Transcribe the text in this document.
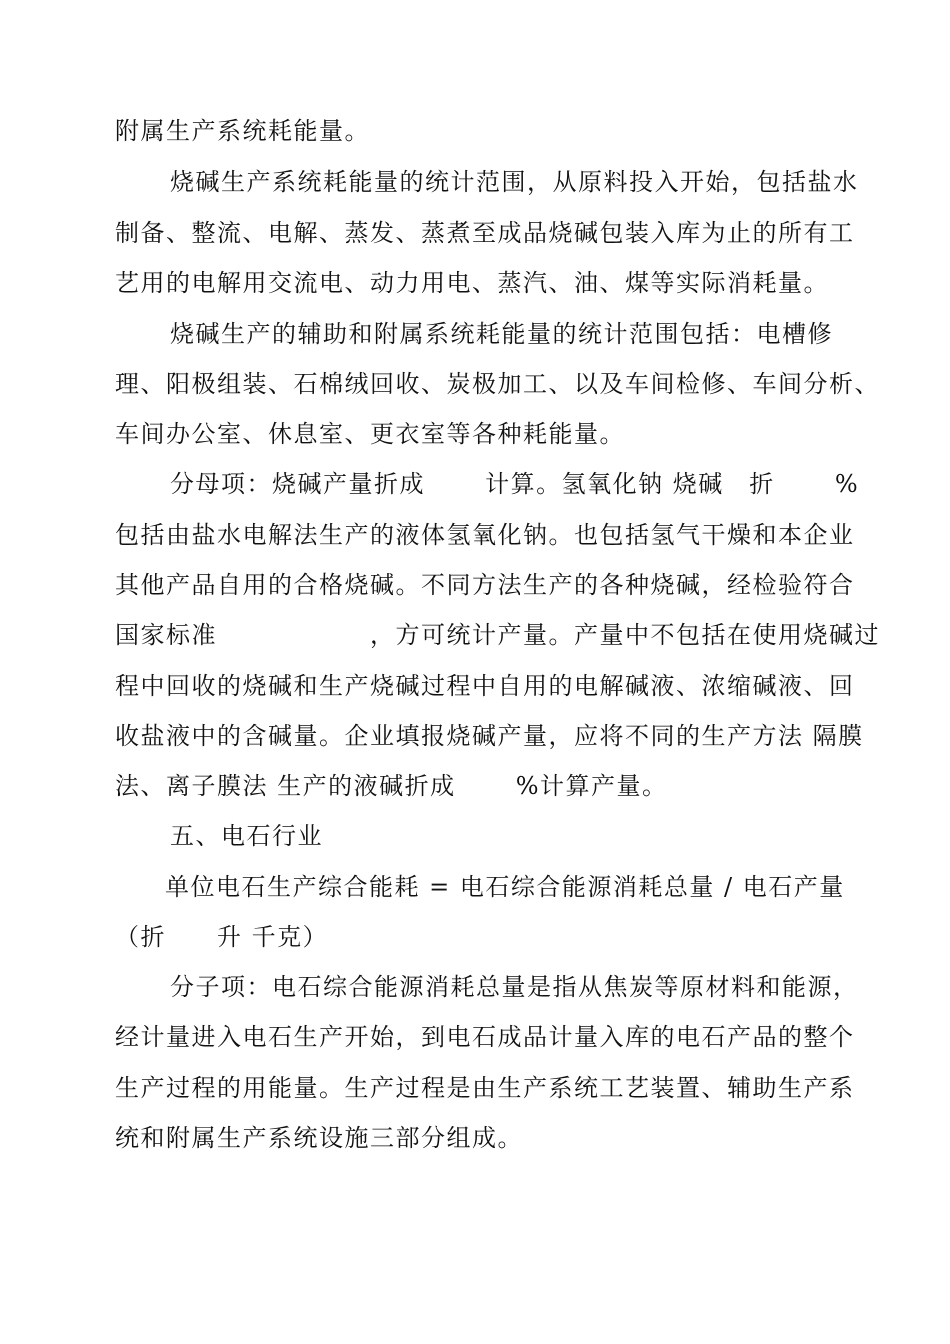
附属生产系统耗能量。
烧碱生产系统耗能量的统计范围，从原料投入开始，包括盐水
制备、整流、电解、蒸发、蒸煮至成品烧碱包装入库为止的所有工
艺用的电解用交流电、动力用电、蒸汽、油、煤等实际消耗量。
烧碱生产的辅助和附属系统耗能量的统计范围包括：电槽修
理、阳极组装、石棉绒回收、炭极加工、以及车间检修、车间分析、
车间办公室、休息室、更衣室等各种耗能量。
分母项：烧碱产量折成　　 计算。氢氧化钠 烧碱　折　　 %
包括由盐水电解法生产的液体氢氧化钠。也包括氢气干燥和本企业
其他产品自用的合格烧碱。不同方法生产的各种烧碱，经检验符合
国家标准　　　　　　，方可统计产量。产量中不包括在使用烧碱过
程中回收的烧碱和生产烧碱过程中自用的电解碱液、浓缩碱液、回
收盐液中的含碱量。企业填报烧碱产量，应将不同的生产方法 隔膜
法、离子膜法 生产的液碱折成　　 %计算产量。
五、电石行业
单位电石生产综合能耗 = 电石综合能源消耗总量 / 电石产量
（折　　升 千克）
分子项：电石综合能源消耗总量是指从焦炭等原材料和能源，
经计量进入电石生产开始，到电石成品计量入库的电石产品的整个
生产过程的用能量。生产过程是由生产系统工艺装置、辅助生产系
统和附属生产系统设施三部分组成。
